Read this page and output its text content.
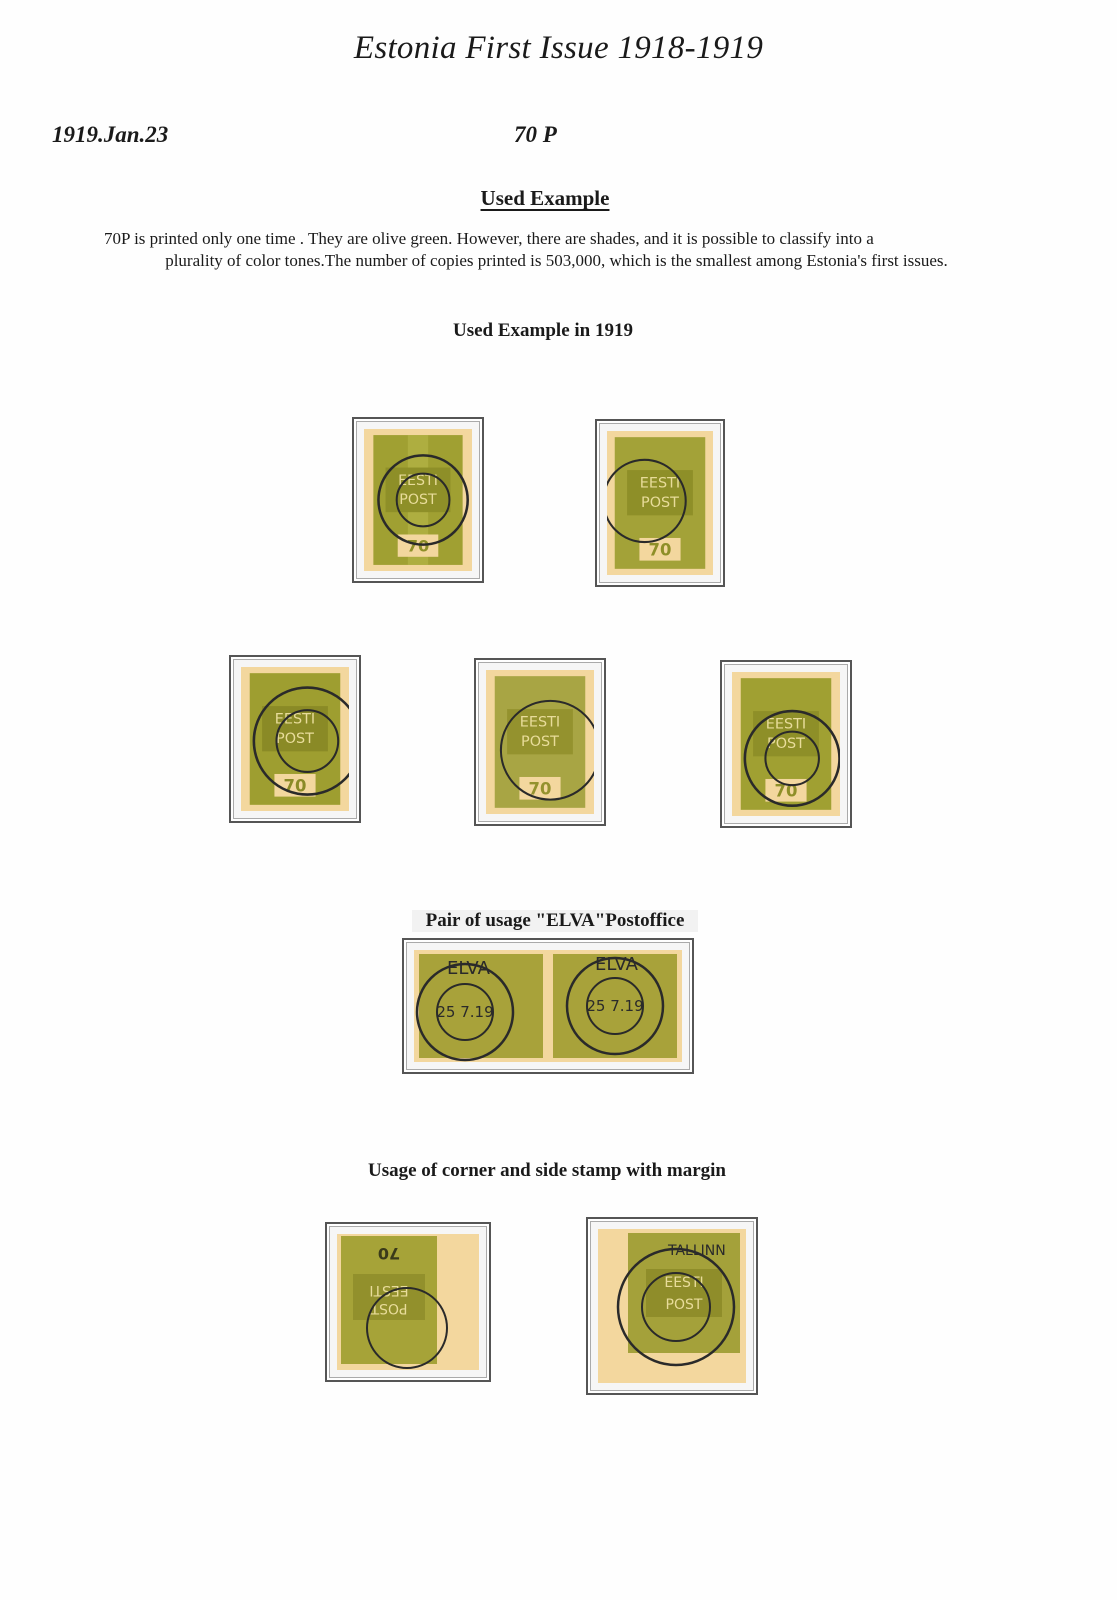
Estonia First Issue 1918-1919
1919.Jan.23	70 P
Used Example
70P is printed only one time . They are olive green. However, there are shades, and it is possible to classify into a
plurality of color tones.The number of copies printed is 503,000, which is the smallest among Estonia's first issues.
Used Example in 1919
EESTI
POST
70
EESTI
POST
70
EESTI
POST
70
EESTI
POST
70
EESTI
POST
70
Pair of usage "ELVA"Postoffice
ELVA	ELVA
25 7.19	25 7.19
Usage of corner and side stamp with margin
EESTI
POST
70
EESTI
POST
TALLINN
